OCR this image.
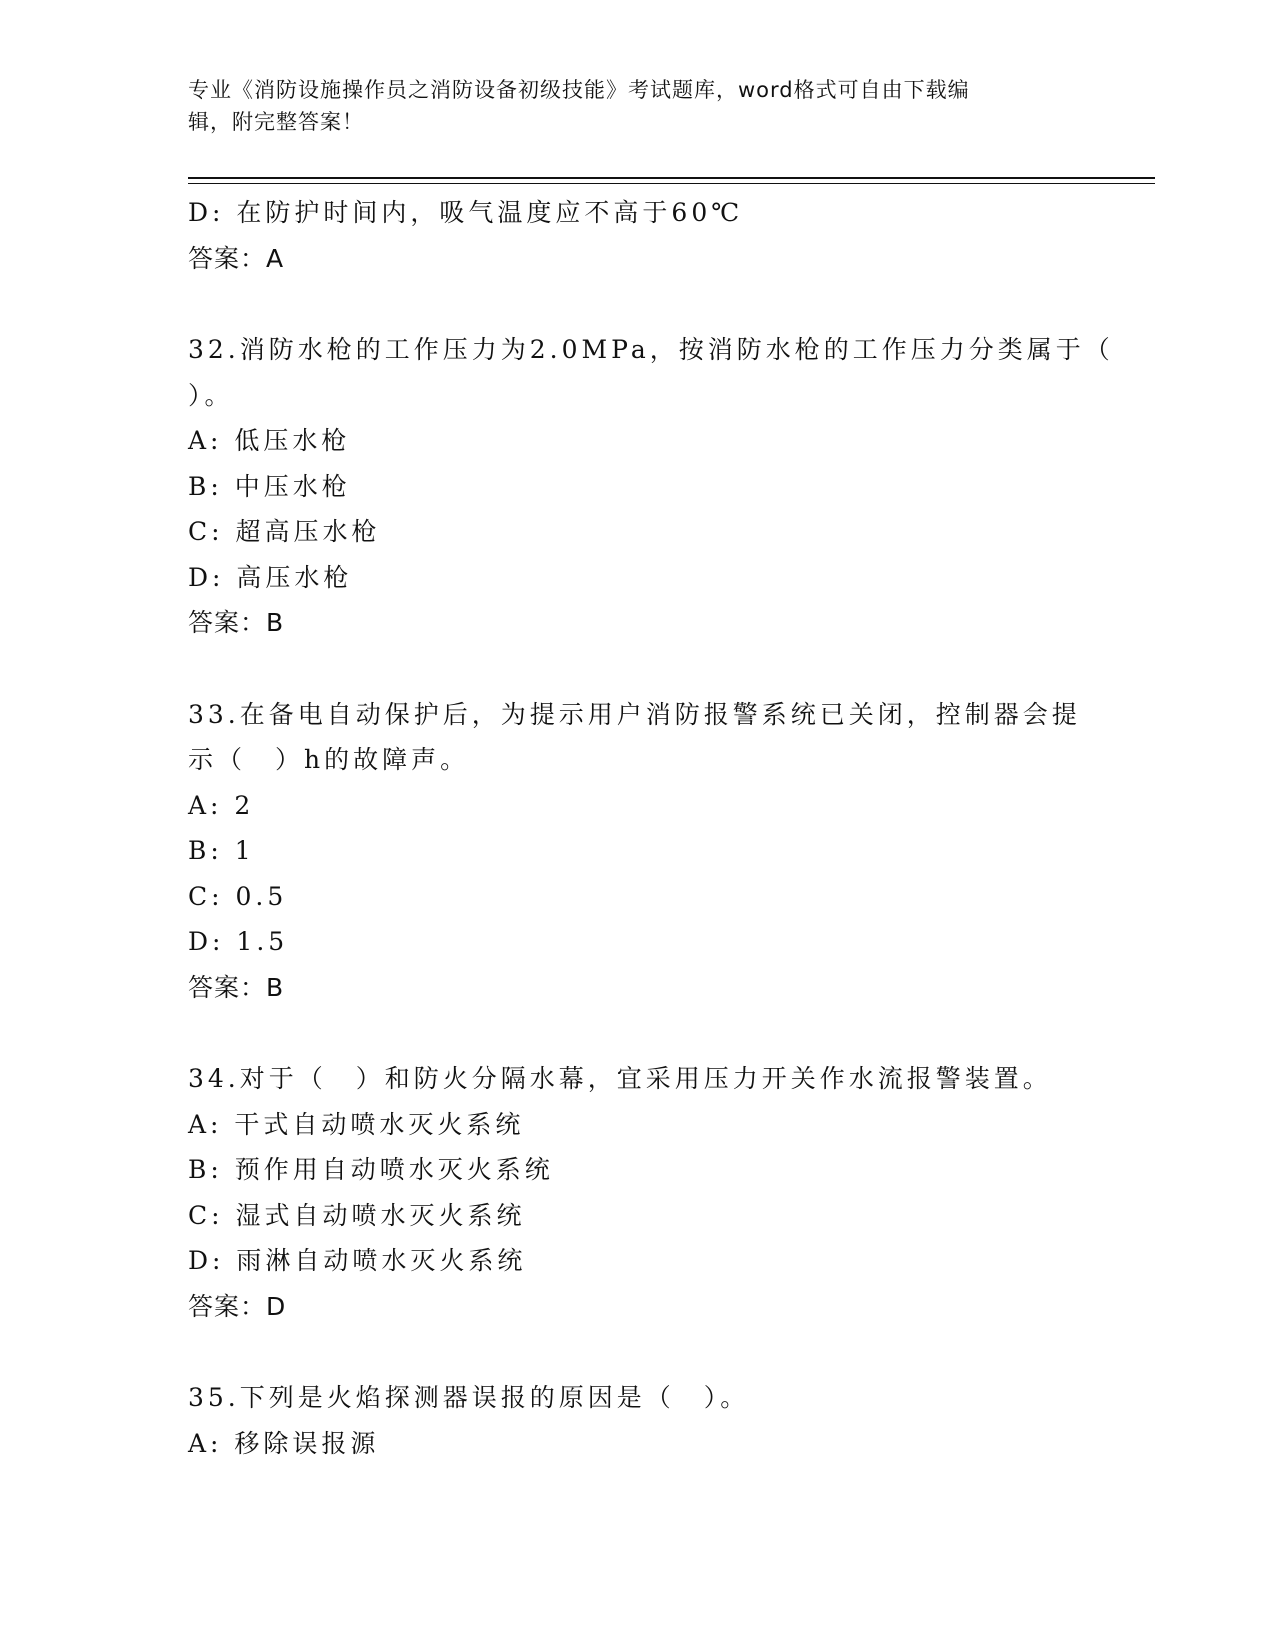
专业《消防设施操作员之消防设备初级技能》考试题库，word格式可自由下载编
辑，附完整答案！
D: 在防护时间内，吸气温度应不高于60℃
答案：A
32.消防水枪的工作压力为2.0MPa，按消防水枪的工作压力分类属于（
）。
A: 低压水枪
B: 中压水枪
C: 超高压水枪
D: 高压水枪
答案：B
33.在备电自动保护后，为提示用户消防报警系统已关闭，控制器会提
示（　）h的故障声。
A: 2
B: 1
C: 0.5
D: 1.5
答案：B
34.对于（　）和防火分隔水幕，宜采用压力开关作水流报警装置。
A: 干式自动喷水灭火系统
B: 预作用自动喷水灭火系统
C: 湿式自动喷水灭火系统
D: 雨淋自动喷水灭火系统
答案：D
35.下列是火焰探测器误报的原因是（　）。
A: 移除误报源
